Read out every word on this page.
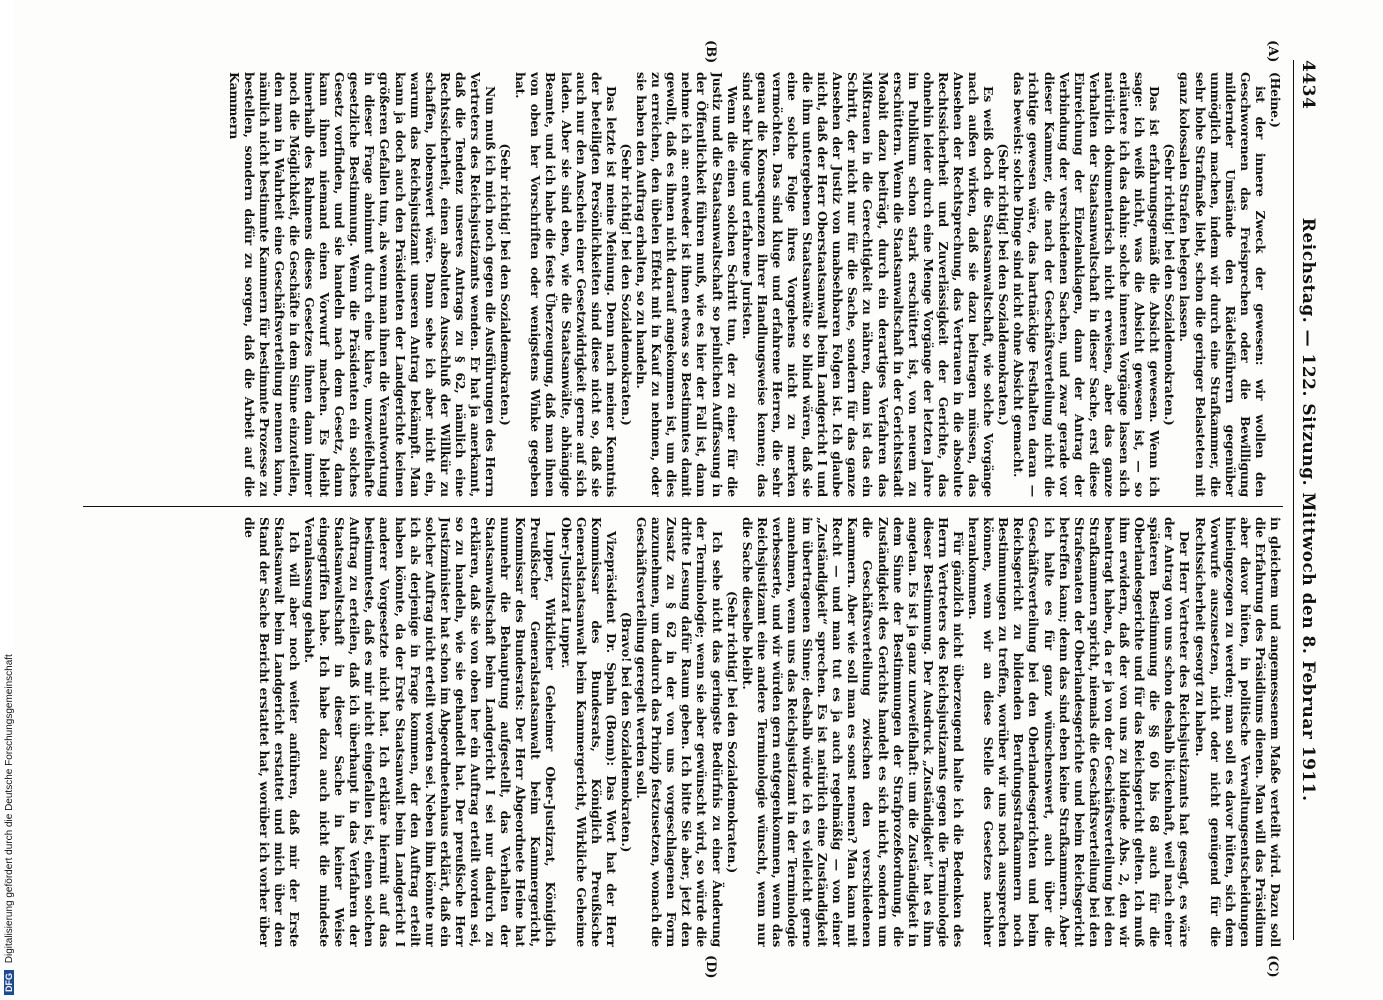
4434
Reichstag. — 122. Sitzung. Mittwoch den 8. Februar 1911.
(A)
(B)
(C)
(D)

(Heine.)

ist der innere Zweck der gewesen: wir wollen den Geschworenen das Freisprechen oder die Bewilligung mildernder Umstände den Rädelsführern gegenüber unmöglich machen, indem wir durch eine Strafkammer, die sehr hohe Strafmaße liebt, schon die geringer Belasteten mit ganz kolossalen Strafen belegen lassen.

(Sehr richtig! bei den Sozialdemokraten.)

Das ist erfahrungsgemäß die Absicht gewesen. Wenn ich sage: ich weiß nicht, was die Absicht gewesen ist, — so erläutere ich das dahin: solche inneren Vorgänge lassen sich natürlich dokumentarisch nicht erweisen, aber das ganze Verhalten der Staatsanwaltschaft in dieser Sache, erst diese Einreichung der Einzelanklagen, dann der Antrag der Verbindung der verschiedenen Sachen, und zwar gerade vor dieser Kammer, die nach der Geschäftsverteilung nicht die richtige gewesen wäre, das hartnäckige Festhalten daran — das beweist: solche Dinge sind nicht ohne Absicht gemacht.

(Sehr richtig! bei den Sozialdemokraten.)

Es weiß doch die Staatsanwaltschaft, wie solche Vorgänge nach außen wirken, daß sie dazu beitragen müssen, das Ansehen der Rechtsprechung, das Vertrauen in die absolute Rechtssicherheit und Zuverlässigkeit der Gerichte, das ohnehin leider durch eine Menge Vorgänge der letzten Jahre im Publikum schon stark erschüttert ist, von neuem zu erschüttern. Wenn die Staatsanwaltschaft in der Gerichtsstadt Moabit dazu beiträgt, durch ein derartiges Verfahren das Mißtrauen in die Gerechtigkeit zu nähren, dann ist das ein Schritt, der nicht nur für die Sache, sondern für das ganze Ansehen der Justiz von unabsehbaren Folgen ist. Ich glaube nicht, daß der Herr Oberstaatsanwalt beim Landgericht I und die ihm untergebenen Staatsanwälte so blind wären, daß sie eine solche Folge ihres Vorgehens nicht zu merken vermöchten. Das sind kluge und erfahrene Herren, die sehr genau die Konsequenzen ihrer Handlungsweise kennen; das sind sehr kluge und erfahrene Juristen.

Wenn die einen solchen Schritt tun, der zu einer für die Justiz und die Staatsanwaltschaft so peinlichen Auffassung in der Öffentlichkeit führen muß, wie es hier der Fall ist, dann nehme ich an: entweder ist ihnen etwas so Bestimmtes damit gewollt, daß es ihnen nicht darauf angekommen ist, um dies zu erreichen, den übelen Effekt mit in Kauf zu nehmen, oder sie haben den Auftrag erhalten, so zu handeln.

(Sehr richtig! bei den Sozialdemokraten.)

Das letzte ist meine Meinung. Denn nach meiner Kenntnis der beteiligten Persönlichkeiten sind diese nicht so, daß sie auch nur den Anschein einer Gesetzwidrigkeit gerne auf sich laden. Aber sie sind eben, wie die Staatsanwälte, abhängige Beamte, und ich habe die feste Überzeugung, daß man ihnen von oben her Vorschriften oder wenigstens Winke gegeben hat.

(Sehr richtig! bei den Sozialdemokraten.)

Nun muß ich mich noch gegen die Ausführungen des Herrn Vertreters des Reichsjustizamts wenden. Er hat ja anerkannt, daß die Tendenz unseres Antrags zu § 62, nämlich eine Rechtssicherheit, einen absoluten Ausschluß der Willkür zu schaffen, lobenswert wäre. Dann sehe ich aber nicht ein, warum das Reichsjustizamt unseren Antrag bekämpft. Man kann ja doch auch den Präsidenten der Landgerichte keinen größeren Gefallen tun, als wenn man ihnen die Verantwortung in dieser Frage abnimmt durch eine klare, unzweifelhafte gesetzliche Bestimmung. Wenn die Präsidenten ein solches Gesetz vorfinden, und sie handeln nach dem Gesetz, dann kann ihnen niemand einen Vorwurf machen. Es bleibt innerhalb des Rahmens dieses Gesetzes ihnen dann immer noch die Möglichkeit, die Geschäfte in dem Sinne einzuteilen, den man in Wahrheit eine Geschäftsverteilung nennen kann, nämlich nicht bestimmte Kammern für bestimmte Prozesse zu bestellen, sondern dafür zu sorgen, daß die Arbeit auf die Kammern

in gleichem und angemessenem Maße verteilt wird. Dazu soll die Erfahrung des Präsidiums dienen. Man will das Präsidium aber davor hüten, in politische Verwaltungsentscheidungen hineingezogen zu werden; man soll es davor hüten, sich dem Vorwurfe auszusetzen, nicht oder nicht genügend für die Rechtssicherheit gesorgt zu haben.

Der Herr Vertreter des Reichsjustizamts hat gesagt, es wäre der Antrag von uns schon deshalb lückenhaft, weil nach einer späteren Bestimmung die §§ 60 bis 68 auch für die Oberlandesgerichte und für das Reichsgericht gelten. Ich muß ihm erwidern, daß der von uns zu bildende Abs. 2, den wir beantragt haben, da er ja von der Geschäftsverteilung bei den Strafkammern spricht, niemals die Geschäftsverteilung bei den Strafsenaten der Oberlandesgerichte und beim Reichsgericht betreffen kann; denn das sind eben keine Strafkammern. Aber ich halte es für ganz wünschenswert, auch über die Geschäftsverteilung bei den Oberlandesgerichten und beim Reichsgericht zu bildenden Berufungsstrafkammern noch Bestimmungen zu treffen, worüber wir uns noch aussprechen können, wenn wir an diese Stelle des Gesetzes nachher herankommen.

Für gänzlich nicht überzeugend halte ich die Bedenken des Herrn Vertreters des Reichsjustizamts gegen die Terminologie dieser Bestimmung. Der Ausdruck „Zuständigkeit“ hat es ihm angetan. Es ist ja ganz unzweifelhaft: um die Zuständigkeit in dem Sinne der Bestimmungen der Strafprozeßordnung, die Zuständigkeit des Gerichts handelt es sich nicht, sondern um die Geschäftsverteilung zwischen den verschiedenen Kammern. Aber wie soll man es sonst nennen? Man kann mit Recht — und man tut es ja auch regelmäßig — von einer „Zuständigkeit“ sprechen. Es ist natürlich eine Zuständigkeit im übertragenen Sinne; deshalb würde ich es vielleicht gerne annehmen, wenn uns das Reichsjustizamt in der Terminologie verbesserte, und wir würden gern entgegenkommen, wenn das Reichsjustizamt eine andere Terminologie wünscht, wenn nur die Sache dieselbe bleibt.

(Sehr richtig! bei den Sozialdemokraten.)

Ich sehe nicht das geringste Bedürfnis zu einer Änderung der Terminologie; wenn sie aber gewünscht wird, so würde die dritte Lesung dafür Raum geben. Ich bitte Sie aber, jetzt den Zusatz zu § 62 in der von uns vorgeschlagenen Form anzunehmen, um dadurch das Prinzip festzusetzen, wonach die Geschäftsverteilung geregelt werden soll.

(Bravo! bei den Sozialdemokraten.)

Vizepräsident Dr. Spahn (Bonn): Das Wort hat der Herr Kommissar des Bundesrats, Königlich Preußische Generalstaatsanwalt beim Kammergericht, Wirkliche Geheime Ober-Justizrat Lupper.

Lupper, Wirklicher Geheimer Ober-Justizrat, Königlich Preußischer Generalstaatsanwalt beim Kammergericht, Kommissar des Bundesrats: Der Herr Abgeordnete Heine hat nunmehr die Behauptung aufgestellt, das Verhalten der Staatsanwaltschaft beim Landgericht I sei nur dadurch zu erklären, daß sie von oben her ein Auftrag erteilt worden sei, so zu handeln, wie sie gehandelt hat. Der preußische Herr Justizminister hat schon im Abgeordnetenhaus erklärt, daß ein solcher Auftrag nicht erteilt worden sei. Neben ihm könnte nur ich als derjenige in Frage kommen, der den Auftrag erteilt haben könnte, da der Erste Staatsanwalt beim Landgericht I anderer Vorgesetzte nicht hat. Ich erkläre hiermit auf das bestimmteste, daß es mir nicht eingefallen ist, einen solchen Auftrag zu erteilen, daß ich überhaupt in das Verfahren der Staatsanwaltschaft in dieser Sache in keiner Weise eingegriffen habe. Ich habe dazu auch nicht die mindeste Veranlassung gehabt.

Ich will aber noch weiter anführen, daß mir der Erste Staatsanwalt beim Landgericht erstattet und mich über den Stand der Sache Bericht erstattet hat, worüber ich vorher über die

DFG Digitalisierung gefördert durch die Deutsche Forschungsgemeinschaft
